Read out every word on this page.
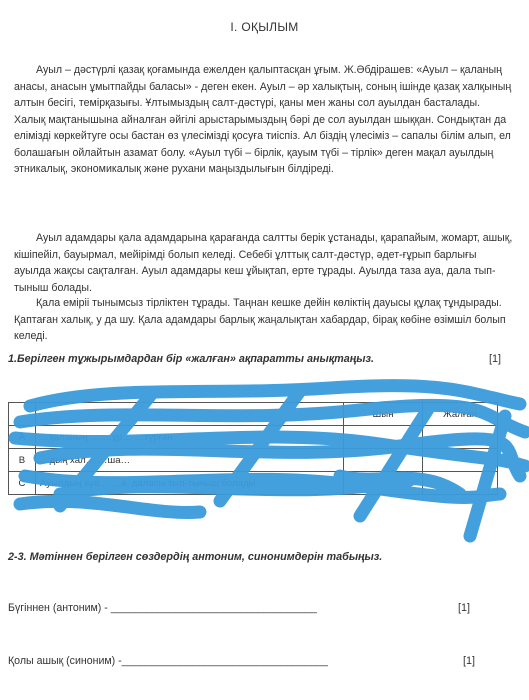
I. ОҚЫЛЫМ

Ауыл – дәстүрлі қазақ қоғамында ежелден қалыптасқан ұғым. Ж.Әбдірашев: «Ауыл – қаланың анасы, анасын ұмытпайды баласы» - деген екен. Ауыл – әр халықтың, соның ішінде қазақ халқының алтын бесігі, темірқазығы. Ұлтымыздың салт-дәстүрі, қаны мен жаны сол ауылдан басталады. Халық мақтанышына айналған әйгілі арыстарымыздың бәрі де сол ауылдан шыққан. Сондықтан да елімізді көркейтуге осы бастан өз үлесімізді қосуға тиіспіз. Ал біздің үлесіміз – сапалы білім алып, ел болашағын ойлайтын азамат болу. «Ауыл түбі – бірлік, қауым түбі – тірлік» деген мақал ауылдың этникалық, экономикалық және рухани маңыздылығын білдіреді.

Ауыл адамдары қала адамдарына қарағанда салтты берік ұстанады, қарапайым, жомарт, ашық, кішіпейіл, бауырмал, мейірімді болып келеді. Себебі ұлттық салт-дәстүр, әдет-ғұрып барлығы ауылда жақсы сақталған. Ауыл адамдары кеш ұйықтап, ерте тұрады. Ауылда таза ауа, дала тып-тыныш болады.

Қала еміріі тынымсыз тірліктен тұрады. Таңнан кешке дейін көліктің дауысы құлақ тұндырады. Қаптаған халық, у да шу. Қала адамдары барлық жаңалықтан хабардар, бірақ көбіне өзімшіл болып келеді.

1.Берілген тұжырымдардан бір «жалған» ақпаратты анықтаңыз.	[1]
		Шын	Жалған
A	…қаланың … …ұр… …түрған		
B	…дың хал… …ша…		
C	Ауылдың ауа… …а, даласы тып-тыныш болады.		
2-3. Мәтіннен берілген сөздердің антоним, синонимдерін табыңыз.
Бүгіннен (антоним) - ___________________________________	[1]
Қолы ашық (синоним) -___________________________________	[1]
